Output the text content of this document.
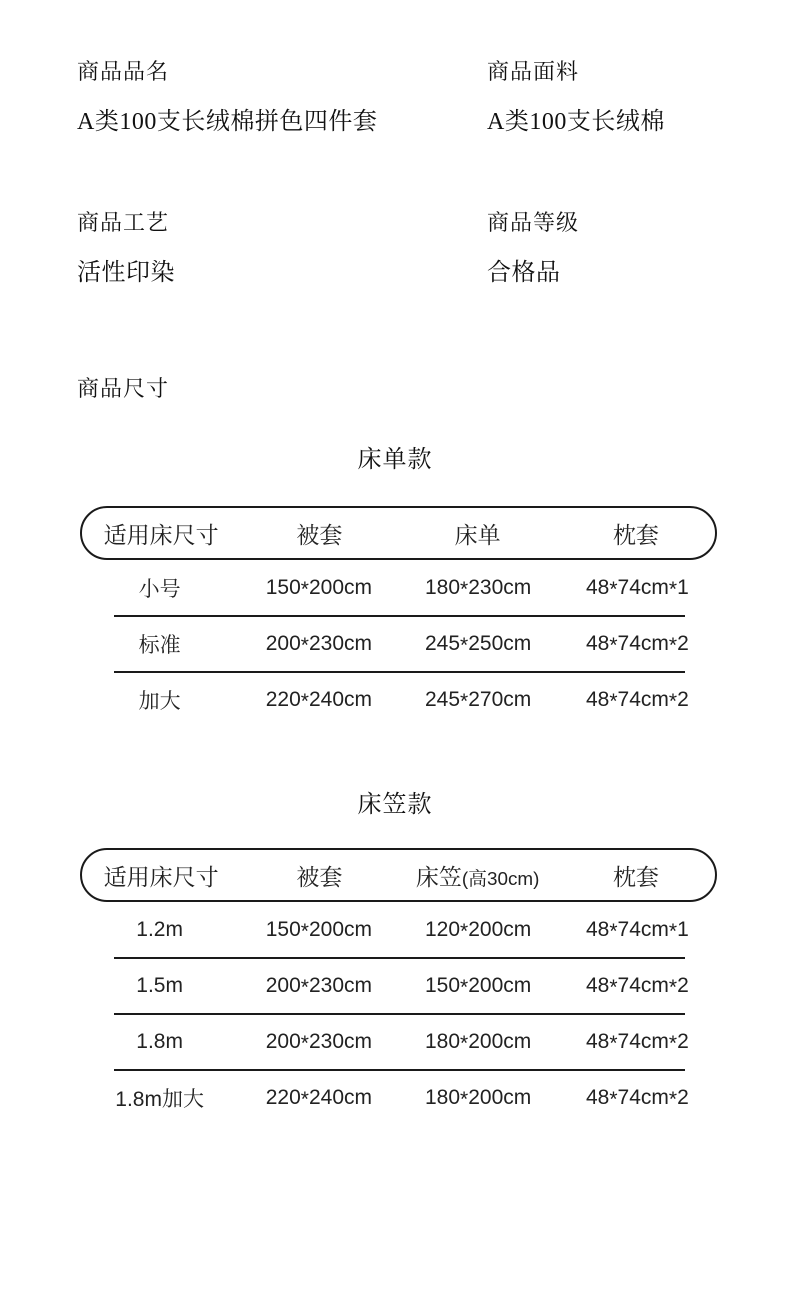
商品品名
A类100支长绒棉拼色四件套
商品面料
A类100支长绒棉
商品工艺
活性印染
商品等级
合格品
商品尺寸
床单款
适用床尺寸	被套	床单	枕套
小号	150*200cm	180*230cm	48*74cm*1
标准	200*230cm	245*250cm	48*74cm*2
加大	220*240cm	245*270cm	48*74cm*2
床笠款
适用床尺寸	被套	床笠(高30cm)	枕套
1.2m	150*200cm	120*200cm	48*74cm*1
1.5m	200*230cm	150*200cm	48*74cm*2
1.8m	200*230cm	180*200cm	48*74cm*2
1.8m加大	220*240cm	180*200cm	48*74cm*2
